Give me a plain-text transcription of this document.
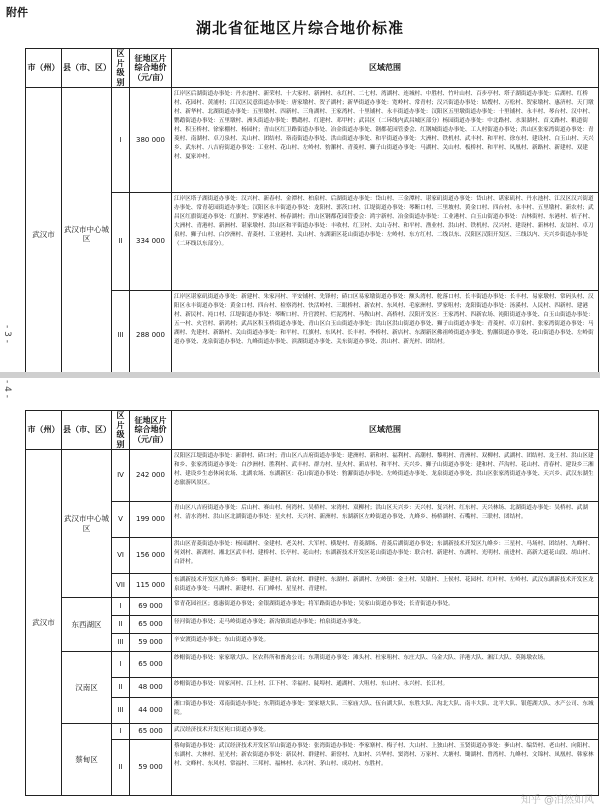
附件
湖北省征地区片综合地价标准
- 3 -
市（州）	县（市、区）	区片级别	征地区片综合地价（元/亩）	区域范围
武汉市	武汉市中心城区	I	380 000	江岸区后湖街道办事处：丹水池村、新荣村、十大家村、新洲村、永红村、二七村、湾湖村、连城村、中胜村、竹叶山村、百步亭村、塔子湖街道办事处：后湖村、红桥村、花园村、黄浦村；江汉区民意街道办事处：唐家墩村、贺子湖村；新华街道办事处：宽岭村、常青村；汉兴街道办事处：姑嫂村、万松村、贺家墩村、惠济村、天门墩村、新华村、北湖街道办事处：五里墩村、四新村、三角湖村、王家湾村、十里铺村、永丰街道办事处：汉阳区五里墩街道办事处：十里铺村、永丰村、琴台村、汉中村、鹦鹉街道办事处：五里墩村、洲头街道办事处：鹦鹉村、红建村、邓甲村；武昌区（二环线内武昌城区部分）杨园街道办事处：中北路村、水果湖村、首义路村、粮道街村、积玉桥村、徐家棚村、杨园村；青山区红卫路街道办事处、冶金街道办事处、钢都花园管委会、红钢城街道办事处、工人村街道办事处；洪山区张家湾街道办事处：青菱村、南湖村、卓刀泉村、关山村、团结村、珞南街道办事处、洪山街道办事处、和平街道办事处：大洲村、铁机村、武丰村、和平村、徐东村、建设村、白玉山村、天兴乡、武东村、八吉府街道办事处：工业村、花山村、左岭村、豹澥村、青菱村、狮子山街道办事处：马湖村、关山村、板桥村、和平村、凤凰村、新路村、新建村、双建村、夏家冲村。
		II	334 000	江岸区塔子湖街道办事处：汉兴村、新春村、金潭村、柏泉村、后湖街道办事处：岱山村、三金潭村、谌家矶街道办事处：岱山村、谌家矶村、丹水池村、江汉区汉兴街道办事处、常青花园街道办事处；汉阳区永丰街道办事处：龙阳村、郭茨口村、江堤街道办事处：琴断口村、三里坡村、黄金口村、四台村、永丰村、五里墩村、新农村；武昌区红旗街道办事处：红旗村、罗家港村、杨春湖村；青山区钢都花园管委会：鸿宇新村、冶金街道办事处：工业港村、白玉山街道办事处：吉林街村、东港村、桔子村、大洲村、青港村、新洲村、谌家墩村、洪山区和平街道办事处：丰收村、红卫村、太山寺村、和平村、渔业村、洪山村、铁机村、汉兴村、建设村、新林村、友谊村、卓刀泉村、狮子山村、白沙洲村、青菱村、工业港村、关山村、东湖新区花山街道办事处：左岭村、东方红村、二线以东、汉阳区汉阳开发区、三线以内、天兴乡街道办事处（二环线以东部分）。
		III	288 000	江岸区谌家矶街道办事处：新建村、朱家河村、平安铺村、先锋村；硚口区易家墩街道办事处：额头湾村、舵落口村、长丰街道办事处：长丰村、易家墩村、常码头村、汉阳区永丰街道办事处：黄金口村、四台村、检察湾村、快活岭村、三眼桥村、新农村、东风村、毛家洲村、罗家咀村；龙阳街道办事处：汤溪村、人民村、四新村、建港村、新民村、沌口村、江堤街道办事处：琴断口村、升官渡村、烂泥湾村、马鞍山村、高桥村、汉阳开发区：王家湾村、四新农场、沌阳街道办事处、白玉山街道办事处：五一村、火官村、新鸿村；武昌区积玉桥街道办事处、青山区白玉山街道办事处：洪山区洪山街道办事处、狮子山街道办事处：青菱村、卓刀泉村、张家湾街道办事处：马湖村、先建村、新路村、关山街道办事处：和平村、红旗村、东风村、长丰村、李桥村、新店村、东湖新区佛祖岭街道办事处、豹澥街道办事处、花山街道办事处、左岭街道办事处、龙泉街道办事处、九峰街道办事处、滨湖街道办事处、关东街道办事处、洪山村、新光村、团结村。
- 4 -
市（州）	县（市、区）	区片级别	征地区片综合地价（元/亩）	区域范围
武汉市	武汉市中心城区	IV	242 000	汉阳区江堤街道办事处：新群村、硚口村；青山区八吉府街道办事处：建洲村、新和村、福利村、高潮村、黎明村、青洲村、双柳村、武湖村、团结村、龙王村、洪山区建和乡、张家湾街道办事处：白沙洲村、胜利村、武丰村、群力村、星火村、新店村、和平村、天兴乡、狮子山街道办事处：建和村、芦沟村、花山村、青春村、建设乡三湘村、建设乡生态休闲农场、北湖农场、东湖新区：花山街道办事处：豹澥街道办事处、左岭街道办事处、龙泉街道办事处、洪山区张家湾街道办事处、天兴乡、武汉东湖生态旅游风景区。
		V	199 000	青山区八吉府街道办事处：后山村、赛山村、何湾村、吴桥村、宋湾村、双柳村；洪山区天兴乡：天兴村、复兴村、红东村、天兴林场、北湖街道办事处：吴桥村、武湖村、清水湾村、洪山区北湖街道办事处：星火村、天兴村、新洲村、东湖新区左岭街道办事处、九峰乡、杨桥湖村、石嘴村、三联村、团结村。
		VI	156 000	洪山区青菱街道办事处：杨园湖村、金建村、老关村、大军村、横堤村、青菱湖场、青菱后湖街道办事处；东湖新技术开发区九峰乡：三星村、马场村、团结村、九峰村、何刘村、新湖村、湘北区武丰村、建桥村、长亭村、花山村；东湖新技术开发区花山街道办事处：联合村、新建村、东湖村、光明村、前进村、高新大道花山段、胡山村、白浒村。
		VII	115 000	东湖新技术开发区九峰乡：黎明村、新建村、新农村、群建村、东湖村、新湖村、左岭镇：金土村、吴墩村、上侯村、花园村、红叶村、左岭村、武汉东湖新技术开发区龙泉街道办事处：马湖村、新建村、石门峰村、星星村、青建村。
	东西湖区	I	69 000	常青花园社区；慈惠街道办事处；金银湖街道办事处；将军路街道办事处；吴家山街道办事处；长青街道办事处。
		II	65 000	径河街道办事处；走马岭街道办事处；新沟镇街道办事处；柏泉街道办事处。
		III	59 000	辛安渡街道办事处；东山街道办事处。
	汉南区	I	65 000	纱帽街道办事处：家家墩大队、区农科所和畜禽公司；东荆街道办事处：滩头村、杜家咀村、东庄大队、乌金大队、洋港大队、湘江大队、莫陈墩农场。
		II	48 000	纱帽街道办事处：周家河村、江上村、江下村、幸福村、陡埠村、通湖村、大咀村、东山村、永兴村、长江村。
		III	44 000	湘口街道办事处：邓南街道办事处；东荆街道办事处：窦家塘大队、三家庙大队、伍台湖大队、东胜大队、沟北大队、南丰大队、北平大队、银莲湖大队、水产公司、东城院。
	蔡甸区	I	65 000	武汉经济技术开发区沌口街道办事处。
		II	59 000	蔡甸街道办事处：武汉经济技术开发区军山街道办事处：张湾街道办事处：李家寨村、梅子村、大山村、上独山村、玉贤街道办事处：奓山村、编岱村、老山村、向阳村、东湖村、大林村、星光村；新农街道办事处：新民村、群建村、新窑村、九如村、兴华村、窦湾村、万家村、大塘村、锄湖村、曾湾村、九峰村、文锦村、凤凰村、韩家林村、文峰村、东风村、常福村、三邦村、福林村、永兴村、茅山村、成功村、东胜村。
知乎 @泊然如风
